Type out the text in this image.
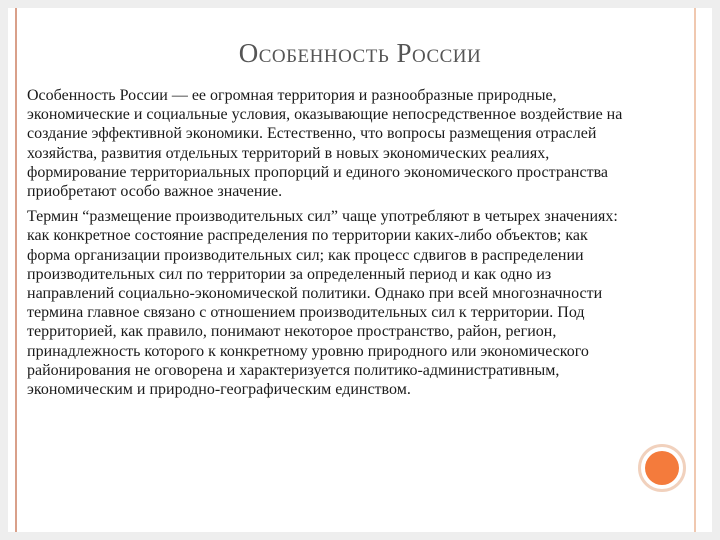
Особенность России

Особенность России — ее огромная территория и разнообразные природные, экономические и социальные условия, оказывающие непосредственное воздействие на создание эффективной экономики. Естественно, что вопросы размещения отраслей хозяйства, развития отдельных территорий в новых экономических реалиях, формирование территориальных пропорций и единого экономического пространства приобретают особо важное значение.

Термин “размещение производительных сил” чаще употребляют в четырех значениях: как конкретное состояние распределения по территории каких-либо объектов; как форма организации производительных сил; как процесс сдвигов в распределении производительных сил по территории за определенный период и как одно из направлений социально-экономической политики. Однако при всей многозначности термина главное связано с отношением производительных сил к территории. Под территорией, как правило, понимают некоторое пространство, район, регион, принадлежность которого к конкретному уровню природного или экономического районирования не оговорена и характеризуется политико-административным, экономическим и природно-географическим единством.
